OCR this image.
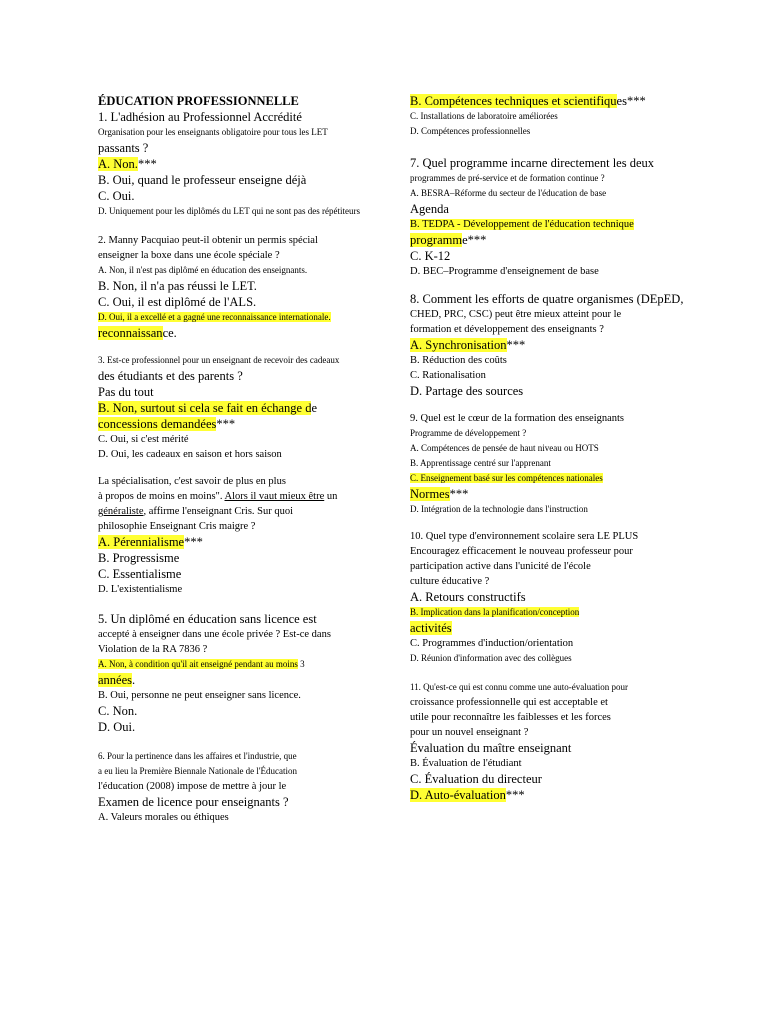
ÉDUCATION PROFESSIONNELLE
1. L'adhésion au Professionnel Accrédité
Organisation pour les enseignants obligatoire pour tous les LET
passants ?
A. Non.***
B. Oui, quand le professeur enseigne déjà
C. Oui.
D. Uniquement pour les diplômés du LET qui ne sont pas des répétiteurs
2. Manny Pacquiao peut-il obtenir un permis spécial
enseigner la boxe dans une école spéciale ?
A. Non, il n'est pas diplômé en éducation des enseignants.
B. Non, il n'a pas réussi le LET.
C. Oui, il est diplômé de l'ALS.
D. Oui, il a excellé et a gagné une reconnaissance internationale.
reconnaissance.
3. Est-ce professionnel pour un enseignant de recevoir des cadeaux
des étudiants et des parents ?
Pas du tout
B. Non, surtout si cela se fait en échange de
concessions demandées***
C. Oui, si c'est mérité
D. Oui, les cadeaux en saison et hors saison
La spécialisation, c'est savoir de plus en plus
à propos de moins en moins". Alors il vaut mieux être un
généraliste, affirme l'enseignant Cris. Sur quoi
philosophie Enseignant Cris maigre ?
A. Pérennialisme***
B. Progressisme
C. Essentialisme
D. L'existentialisme
5. Un diplômé en éducation sans licence est
accepté à enseigner dans une école privée ? Est-ce dans
Violation de la RA 7836 ?
A. Non, à condition qu'il ait enseigné pendant au moins 3
années.
B. Oui, personne ne peut enseigner sans licence.
C. Non.
D. Oui.
6. Pour la pertinence dans les affaires et l'industrie, que
a eu lieu la Première Biennale Nationale de l'Éducation
l'éducation (2008) impose de mettre à jour le
Examen de licence pour enseignants ?
A. Valeurs morales ou éthiques
B. Compétences techniques et scientifiques***
C. Installations de laboratoire améliorées
D. Compétences professionnelles
7. Quel programme incarne directement les deux
programmes de pré-service et de formation continue ?
A. BESRA–Réforme du secteur de l'éducation de base
Agenda
B. TEDPA - Développement de l'éducation technique
programme***
C. K-12
D. BEC–Programme d'enseignement de base
8. Comment les efforts de quatre organismes (DEpED,
CHED, PRC, CSC) peut être mieux atteint pour le
formation et développement des enseignants ?
A. Synchronisation***
B. Réduction des coûts
C. Rationalisation
D. Partage des sources
9. Quel est le cœur de la formation des enseignants
Programme de développement ?
A. Compétences de pensée de haut niveau ou HOTS
B. Apprentissage centré sur l'apprenant
C. Enseignement basé sur les compétences nationales
Normes***
D. Intégration de la technologie dans l'instruction
10. Quel type d'environnement scolaire sera LE PLUS
Encouragez efficacement le nouveau professeur pour
participation active dans l'unicité de l'école
culture éducative ?
A. Retours constructifs
B. Implication dans la planification/conception
activités
C. Programmes d'induction/orientation
D. Réunion d'information avec des collègues
11. Qu'est-ce qui est connu comme une auto-évaluation pour
croissance professionnelle qui est acceptable et
utile pour reconnaître les faiblesses et les forces
pour un nouvel enseignant ?
Évaluation du maître enseignant
B. Évaluation de l'étudiant
C. Évaluation du directeur
D. Auto-évaluation***
